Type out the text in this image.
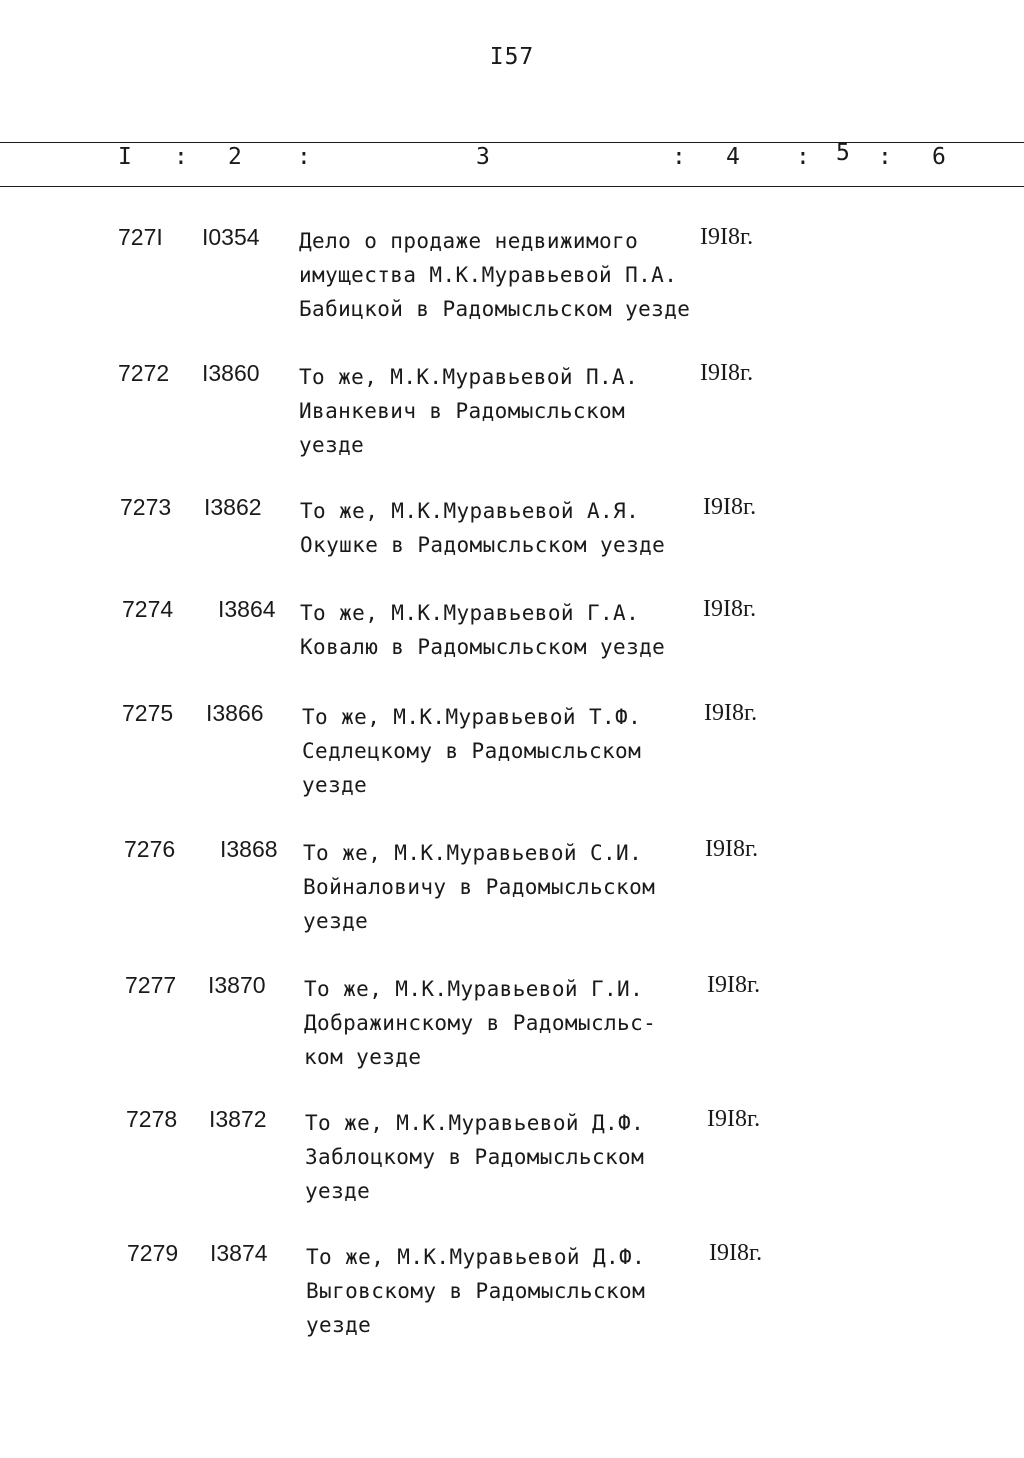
I57
I : 2 :	3	: 4 : 5 : 6
727I I0354 Дело о продаже недвижимого
имущества М.К.Муравьевой П.А.
Бабицкой в Радомысльском уезде
I9I8г.
7272 I3860 То же, М.К.Муравьевой П.А.
Иванкевич в Радомысльском
уезде
I9I8г.
7273 I3862 То же, М.К.Муравьевой А.Я.
Окушке в Радомысльском уезде
I9I8г.
7274 I3864 То же, М.К.Муравьевой Г.А.
Ковалю в Радомысльском уезде
I9I8г.
7275 I3866 То же, М.К.Муравьевой Т.Ф.
Седлецкому в Радомысльском
уезде
I9I8г.
7276 I3868 То же, М.К.Муравьевой С.И.
Войналовичу в Радомысльском
уезде
I9I8г.
7277 I3870 То же, М.К.Муравьевой Г.И.
Дображинскому в Радомысльс-
ком уезде
I9I8г.
7278 I3872 То же, М.К.Муравьевой Д.Ф.
Заблоцкому в Радомысльском
уезде
I9I8г.
7279 I3874 То же, М.К.Муравьевой Д.Ф.
Выговскому в Радомысльском
уезде
I9I8г.
